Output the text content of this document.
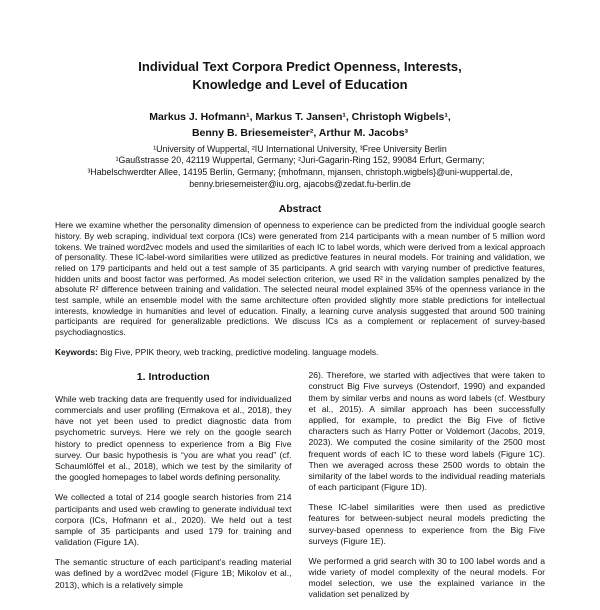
Individual Text Corpora Predict Openness, Interests, Knowledge and Level of Education
Markus J. Hofmann¹, Markus T. Jansen¹, Christoph Wigbels¹,
Benny B. Briesemeister², Arthur M. Jacobs³
¹University of Wuppertal, ²IU International University, ³Free University Berlin
¹Gaußstrasse 20, 42119 Wuppertal, Germany; ²Juri-Gagarin-Ring 152, 99084 Erfurt, Germany;
³Habelschwerdter Allee, 14195 Berlin, Germany; {mhofmann, mjansen, christoph.wigbels}@uni-wuppertal.de,
benny.briesemeister@iu.org, ajacobs@zedat.fu-berlin.de
Abstract

Here we examine whether the personality dimension of openness to experience can be predicted from the individual google search history. By web scraping, individual text corpora (ICs) were generated from 214 participants with a mean number of 5 million word tokens. We trained word2vec models and used the similarities of each IC to label words, which were derived from a lexical approach of personality. These IC-label-word similarities were utilized as predictive features in neural models. For training and validation, we relied on 179 participants and held out a test sample of 35 participants. A grid search with varying number of predictive features, hidden units and boost factor was performed. As model selection criterion, we used R² in the validation samples penalized by the absolute R² difference between training and validation. The selected neural model explained 35% of the openness variance in the test sample, while an ensemble model with the same architecture often provided slightly more stable predictions for intellectual interests, knowledge in humanities and level of education. Finally, a learning curve analysis suggested that around 500 training participants are required for generalizable predictions. We discuss ICs as a complement or replacement of survey-based psychodiagnostics.

Keywords: Big Five, PPIK theory, web tracking, predictive modeling. language models.

1. Introduction

While web tracking data are frequently used for individualized commercials and user profiling (Ermakova et al., 2018), they have not yet been used to predict diagnostic data from psychometric surveys. Here we rely on the google search history to predict openness to experience from a Big Five survey. Our basic hypothesis is “you are what you read” (cf. Schaumlöffel et al., 2018), which we test by the similarity of the googled homepages to label words defining personality.

We collected a total of 214 google search histories from 214 participants and used web crawling to generate individual text corpora (ICs, Hofmann et al., 2020). We held out a test sample of 35 participants and used 179 for training and validation (Figure 1A).

The semantic structure of each participant's reading material was defined by a word2vec model (Figure 1B; Mikolov et al., 2013), which is a relatively simple

26). Therefore, we started with adjectives that were taken to construct Big Five surveys (Ostendorf, 1990) and expanded them by similar verbs and nouns as word labels (cf. Westbury et al., 2015). A similar approach has been successfully applied, for example, to predict the Big Five of fictive characters such as Harry Potter or Voldemort (Jacobs, 2019, 2023). We computed the cosine similarity of the 2500 most frequent words of each IC to these word labels (Figure 1C). Then we averaged across these 2500 words to obtain the similarity of the label words to the individual reading materials of each participant (Figure 1D).

These IC-label similarities were then used as predictive features for between-subject neural models predicting the survey-based openness to experience from the Big Five surveys (Figure 1E).

We performed a grid search with 30 to 100 label words and a wide variety of model complexity of the neural models. For model selection, we use the explained variance in the validation set penalized by
